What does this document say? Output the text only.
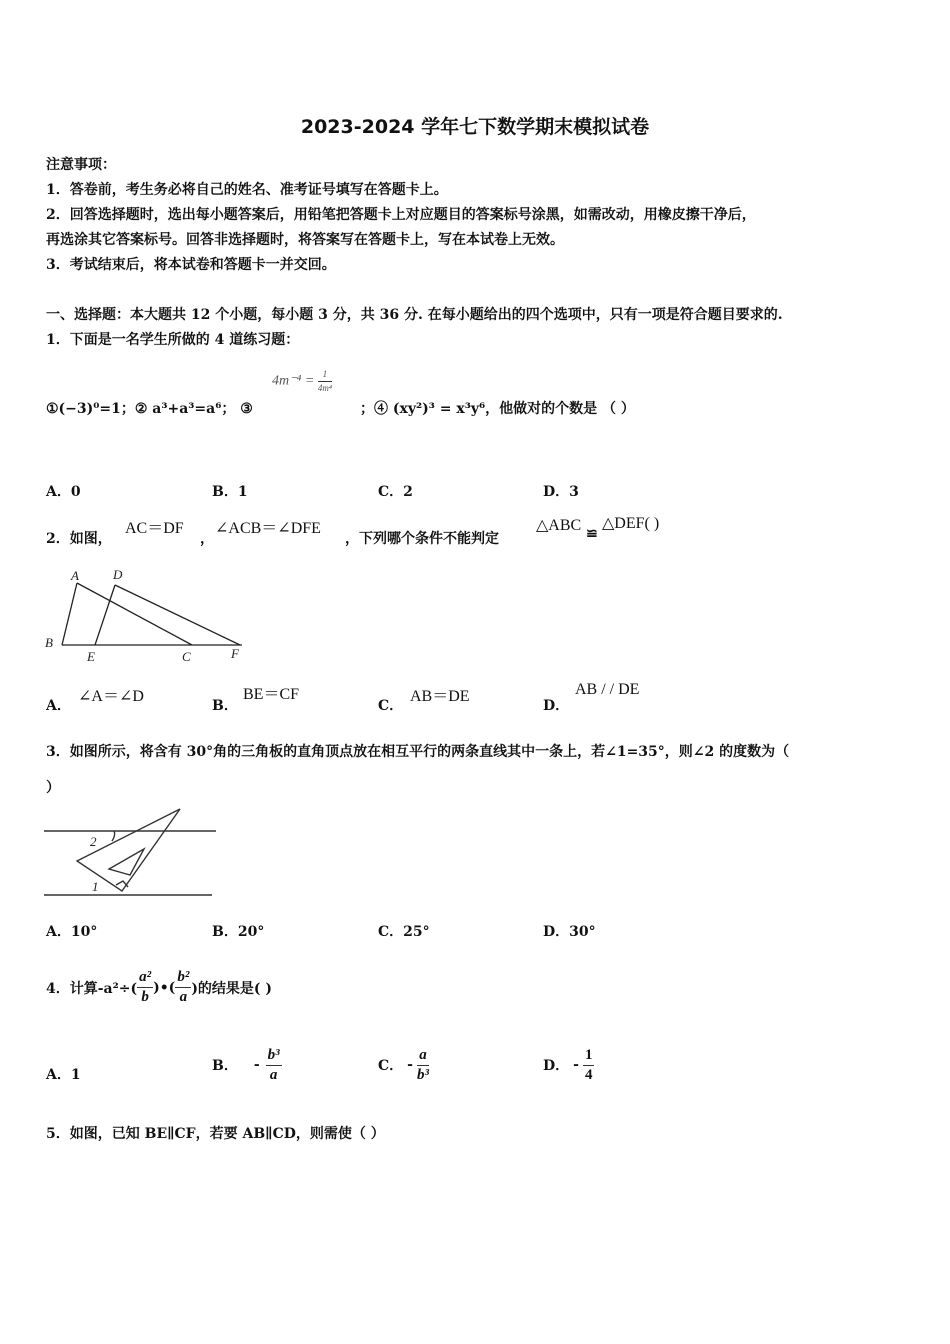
2023-2024 学年七下数学期末模拟试卷
注意事项：
1．答卷前，考生务必将自己的姓名、准考证号填写在答题卡上。
2．回答选择题时，选出每小题答案后，用铅笔把答题卡上对应题目的答案标号涂黑，如需改动，用橡皮擦干净后，
再选涂其它答案标号。回答非选择题时，将答案写在答题卡上，写在本试卷上无效。
3．考试结束后，将本试卷和答题卡一并交回。
一、选择题：本大题共 12 个小题，每小题 3 分，共 36 分. 在每小题给出的四个选项中，只有一项是符合题目要求的.
1．下面是一名学生所做的 4 道练习题：
$4m^{-4} = \frac{1}{\text{4m⁴}}$
①(−3)⁰=1；② a³+a³=a⁶； ③	；④ (xy²)³ = x³y⁶，他做对的个数是 （ ）
A．0	B．1	C．2	D．3
2．如图，
AC＝DF
，
∠ACB＝∠DFE
，下列哪个条件不能判定
△ABC ≌
△DEF( )
A	D
B
E	C	F
A．
∠A＝∠D
B．
BE＝CF
C．
AB＝DE
D．
AB / / DE
3．如图所示，将含有 30°角的三角板的直角顶点放在相互平行的两条直线其中一条上，若∠1=35°，则∠2 的度数为（
）
2
1
A．10°	B．20°	C．25°	D．30°
4．计算$-a^2\div( \frac{\text{a²}}{b}$ )•( $\frac{\text{b²}}{a}$ )的结果是( )
A．1
B． - $\frac{\text{b³}}{a}$	C． - $\frac{a}{\text{b³}}$	D． - $\frac{1}{4}$
5．如图，已知 BE∥CF，若要 AB∥CD，则需使（ ）
